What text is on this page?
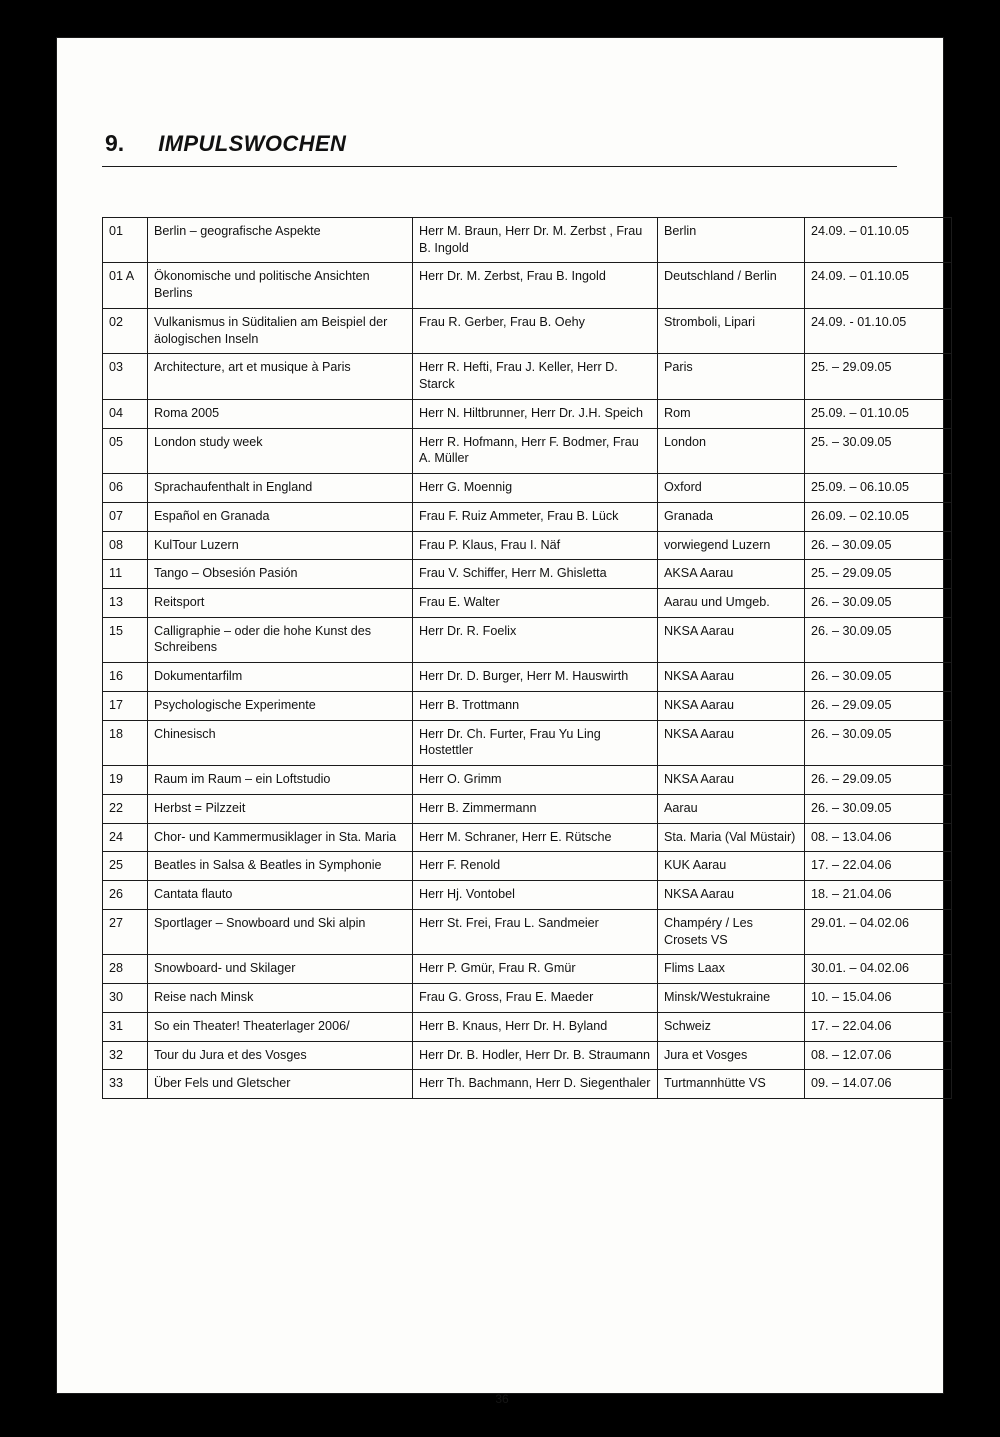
9. IMPULSWOCHEN
01	Berlin – geografische Aspekte	Herr M. Braun, Herr Dr. M. Zerbst , Frau B. Ingold	Berlin	24.09. – 01.10.05
01 A	Ökonomische und politische Ansichten Berlins	Herr Dr. M. Zerbst, Frau B. Ingold	Deutschland / Berlin	24.09. – 01.10.05
02	Vulkanismus in Süditalien am Beispiel der äologischen Inseln	Frau R. Gerber, Frau B. Oehy	Stromboli, Lipari	24.09. - 01.10.05
03	Architecture, art et musique à Paris	Herr R. Hefti, Frau J. Keller, Herr D. Starck	Paris	25. – 29.09.05
04	Roma 2005	Herr N. Hiltbrunner, Herr Dr. J.H. Speich	Rom	25.09. – 01.10.05
05	London study week	Herr R. Hofmann, Herr F. Bodmer, Frau A. Müller	London	25. – 30.09.05
06	Sprachaufenthalt in England	Herr G. Moennig	Oxford	25.09. – 06.10.05
07	Español en Granada	Frau F. Ruiz Ammeter, Frau B. Lück	Granada	26.09. – 02.10.05
08	KulTour Luzern	Frau P. Klaus, Frau I. Näf	vorwiegend Luzern	26. – 30.09.05
11	Tango – Obsesión Pasión	Frau V. Schiffer, Herr M. Ghisletta	AKSA Aarau	25. – 29.09.05
13	Reitsport	Frau E. Walter	Aarau und Umgeb.	26. – 30.09.05
15	Calligraphie – oder die hohe Kunst des Schreibens	Herr Dr. R. Foelix	NKSA Aarau	26. – 30.09.05
16	Dokumentarfilm	Herr Dr. D. Burger, Herr M. Hauswirth	NKSA Aarau	26. – 30.09.05
17	Psychologische Experimente	Herr B. Trottmann	NKSA Aarau	26. – 29.09.05
18	Chinesisch	Herr Dr. Ch. Furter, Frau Yu Ling Hostettler	NKSA Aarau	26. – 30.09.05
19	Raum im Raum – ein Loftstudio	Herr O. Grimm	NKSA Aarau	26. – 29.09.05
22	Herbst = Pilzzeit	Herr B. Zimmermann	Aarau	26. – 30.09.05
24	Chor- und Kammermusiklager in Sta. Maria	Herr M. Schraner, Herr E. Rütsche	Sta. Maria (Val Müstair)	08. – 13.04.06
25	Beatles in Salsa & Beatles in Symphonie	Herr F. Renold	KUK Aarau	17. – 22.04.06
26	Cantata flauto	Herr Hj. Vontobel	NKSA Aarau	18. – 21.04.06
27	Sportlager – Snowboard und Ski alpin	Herr St. Frei, Frau L. Sandmeier	Champéry / Les Crosets VS	29.01. – 04.02.06
28	Snowboard- und Skilager	Herr P. Gmür, Frau R. Gmür	Flims Laax	30.01. – 04.02.06
30	Reise nach Minsk	Frau G. Gross, Frau E. Maeder	Minsk/Westukraine	10. – 15.04.06
31	So ein Theater! Theaterlager 2006/	Herr B. Knaus, Herr Dr. H. Byland	Schweiz	17. – 22.04.06
32	Tour du Jura et des Vosges	Herr Dr. B. Hodler, Herr Dr. B. Straumann	Jura et Vosges	08. – 12.07.06
33	Über Fels und Gletscher	Herr Th. Bachmann, Herr D. Siegenthaler	Turtmannhütte VS	09. – 14.07.06
36
